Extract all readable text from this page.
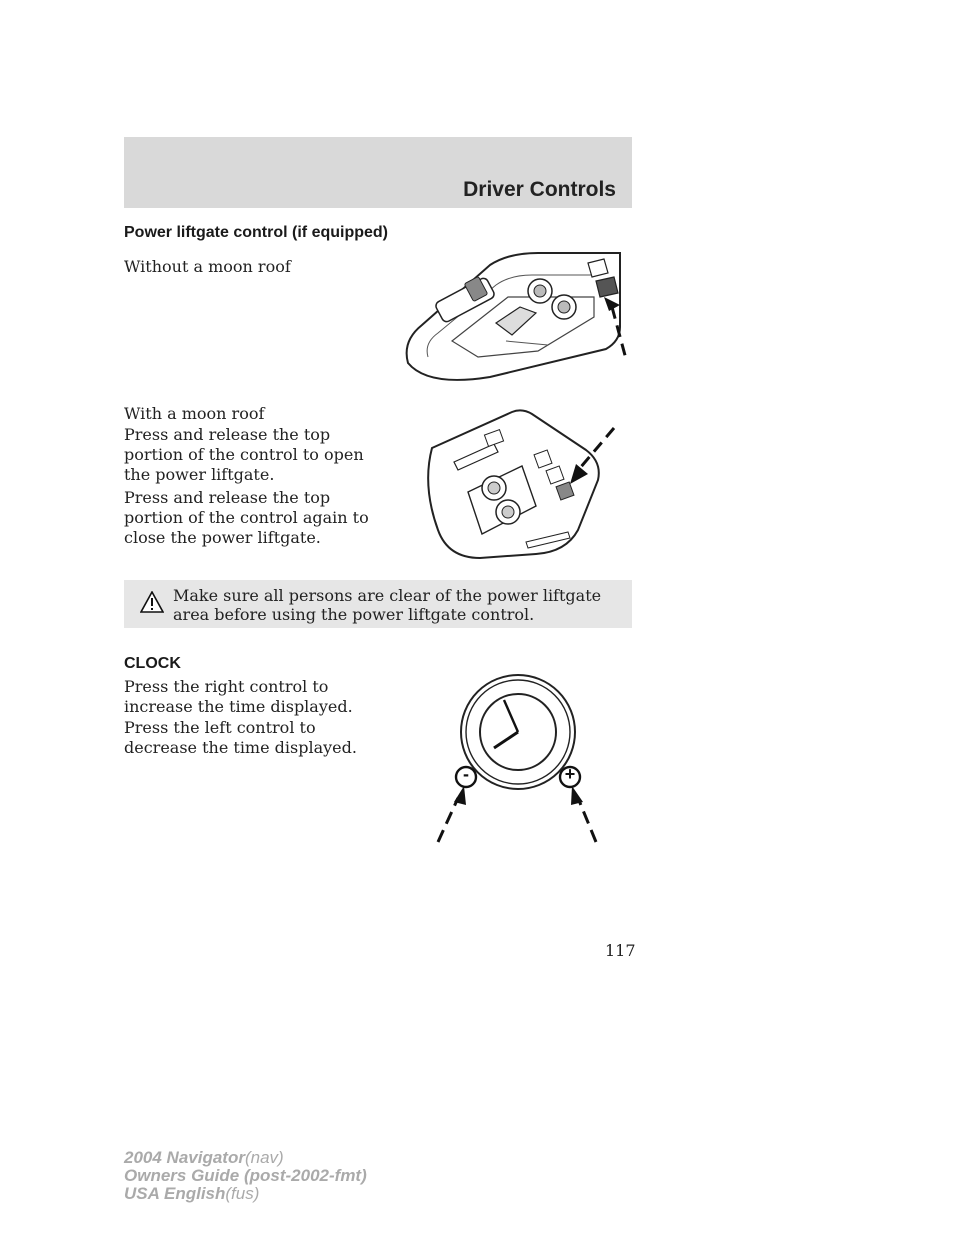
Driver Controls
Power liftgate control (if equipped)
Without a moon roof
With a moon roof
Press and release the top portion of the control to open the power liftgate.
Press and release the top portion of the control again to close the power liftgate.
Make sure all persons are clear of the power liftgate area before using the power liftgate control.
CLOCK
Press the right control to increase the time displayed.
Press the left control to decrease the time displayed.
-	+
117
2004 Navigator(nav)
Owners Guide (post-2002-fmt)
USA English(fus)
